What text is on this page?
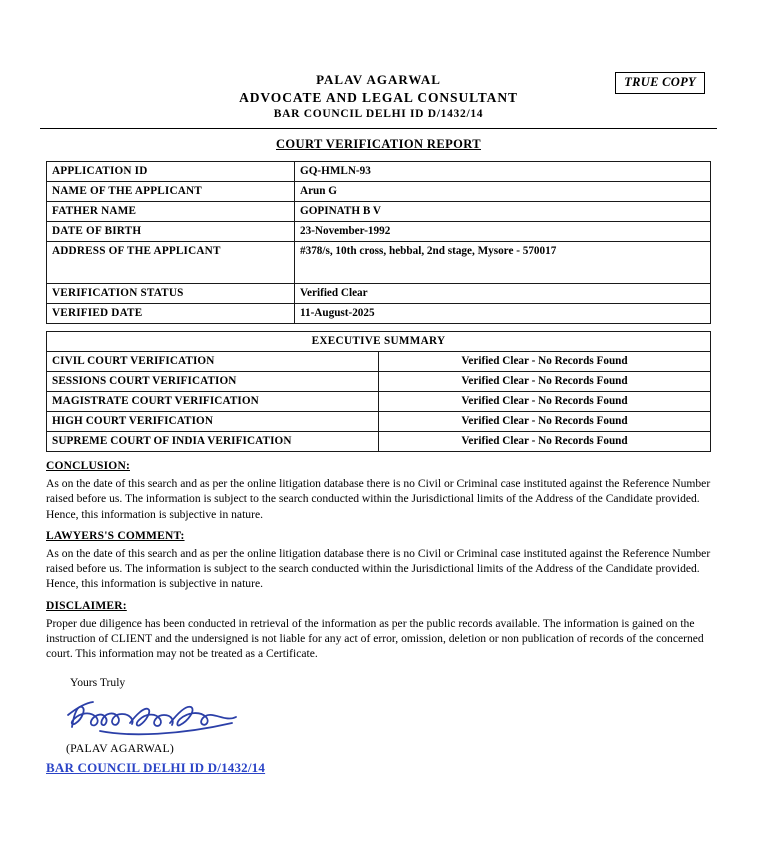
TRUE COPY
PALAV AGARWAL
ADVOCATE AND LEGAL CONSULTANT
BAR COUNCIL DELHI ID D/1432/14
COURT VERIFICATION REPORT
APPLICATION ID	GQ-HMLN-93
NAME OF THE APPLICANT	Arun G
FATHER NAME	GOPINATH B V
DATE OF BIRTH	23-November-1992
ADDRESS OF THE APPLICANT	#378/s, 10th cross, hebbal, 2nd stage, Mysore - 570017
VERIFICATION STATUS	Verified Clear
VERIFIED DATE	11-August-2025
EXECUTIVE SUMMARY	
CIVIL COURT VERIFICATION	Verified Clear - No Records Found
SESSIONS COURT VERIFICATION	Verified Clear - No Records Found
MAGISTRATE COURT VERIFICATION	Verified Clear - No Records Found
HIGH COURT VERIFICATION	Verified Clear - No Records Found
SUPREME COURT OF INDIA VERIFICATION	Verified Clear - No Records Found
CONCLUSION:

As on the date of this search and as per the online litigation database there is no Civil or Criminal case instituted against the Reference Number raised before us. The information is subject to the search conducted within the Jurisdictional limits of the Address of the Candidate provided. Hence, this information is subjective in nature.

LAWYERS'S COMMENT:

As on the date of this search and as per the online litigation database there is no Civil or Criminal case instituted against the Reference Number raised before us. The information is subject to the search conducted within the Jurisdictional limits of the Address of the Candidate provided. Hence, this information is subjective in nature.

DISCLAIMER:

Proper due diligence has been conducted in retrieval of the information as per the public records available. The information is gained on the instruction of CLIENT and the undersigned is not liable for any act of error, omission, deletion or non publication of records of the concerned court. This information may not be treated as a Certificate.

Yours Truly
(PALAV AGARWAL)
BAR COUNCIL DELHI ID D/1432/14
